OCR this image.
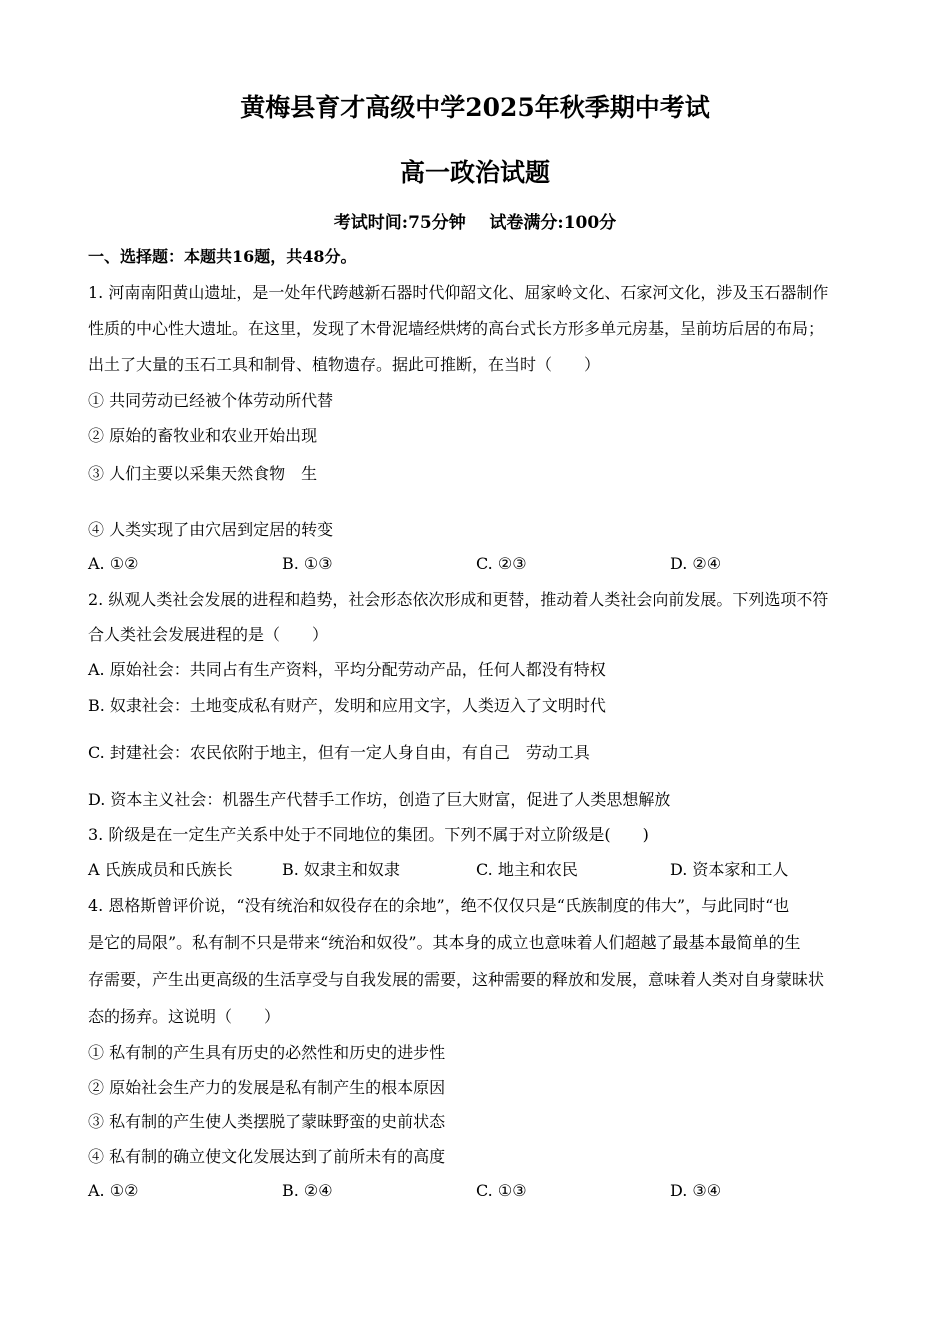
黄梅县育才高级中学2025年秋季期中考试
高一政治试题
考试时间:75分钟 试卷满分:100分
一、选择题：本题共16题，共48分。
1. 河南南阳黄山遗址，是一处年代跨越新石器时代仰韶文化、屈家岭文化、石家河文化，涉及玉石器制作
性质的中心性大遗址。在这里，发现了木骨泥墙经烘烤的高台式长方形多单元房基，呈前坊后居的布局；
出土了大量的玉石工具和制骨、植物遗存。据此可推断，在当时（　　）
① 共同劳动已经被个体劳动所代替
② 原始的畜牧业和农业开始出现
③ 人们主要以采集天然食物　生
④ 人类实现了由穴居到定居的转变
A. ①②	B. ①③	C. ②③	D. ②④
2. 纵观人类社会发展的进程和趋势，社会形态依次形成和更替，推动着人类社会向前发展。下列选项不符
合人类社会发展进程的是（　　）
A. 原始社会：共同占有生产资料，平均分配劳动产品，任何人都没有特权
B. 奴隶社会：土地变成私有财产，发明和应用文字，人类迈入了文明时代
C. 封建社会：农民依附于地主，但有一定人身自由，有自己　劳动工具
D. 资本主义社会：机器生产代替手工作坊，创造了巨大财富，促进了人类思想解放
3. 阶级是在一定生产关系中处于不同地位的集团。下列不属于对立阶级是(　　)
A 氏族成员和氏族长	B. 奴隶主和奴隶	C. 地主和农民	D. 资本家和工人
4. 恩格斯曾评价说，“没有统治和奴役存在的余地”，绝不仅仅只是“氏族制度的伟大”，与此同时“也
是它的局限”。私有制不只是带来“统治和奴役”。其本身的成立也意味着人们超越了最基本最简单的生
存需要，产生出更高级的生活享受与自我发展的需要，这种需要的释放和发展，意味着人类对自身蒙昧状
态的扬弃。这说明（　　）
① 私有制的产生具有历史的必然性和历史的进步性
② 原始社会生产力的发展是私有制产生的根本原因
③ 私有制的产生使人类摆脱了蒙昧野蛮的史前状态
④ 私有制的确立使文化发展达到了前所未有的高度
A. ①②	B. ②④	C. ①③	D. ③④
